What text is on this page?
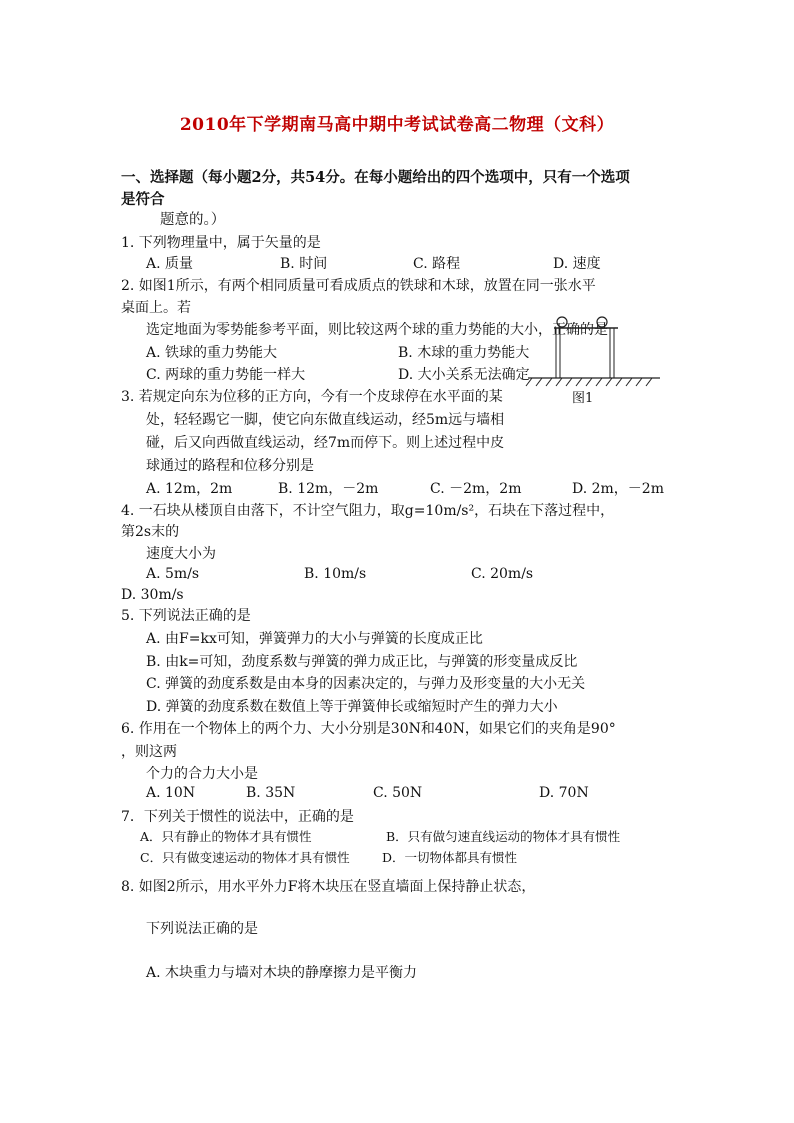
2010年下学期南马高中期中考试试卷高二物理（文科）
一、选择题（每小题2分，共54分。在每小题给出的四个选项中，只有一个选项
是符合
题意的。）
1. 下列物理量中，属于矢量的是
A. 质量	B. 时间	C. 路程	D. 速度
2. 如图1所示，有两个相同质量可看成质点的铁球和木球，放置在同一张水平
桌面上。若
选定地面为零势能参考平面，则比较这两个球的重力势能的大小，正确的是
A. 铁球的重力势能大	B. 木球的重力势能大
C. 两球的重力势能一样大	D. 大小关系无法确定
图1
3. 若规定向东为位移的正方向，今有一个皮球停在水平面的某
处，轻轻踢它一脚，使它向东做直线运动，经5m远与墙相
碰，后又向西做直线运动，经7m而停下。则上述过程中皮
球通过的路程和位移分别是
A. 12m，2m	B. 12m，－2m	C. －2m，2m	D. 2m，－2m
4. 一石块从楼顶自由落下，不计空气阻力，取g=10m/s²，石块在下落过程中，
第2s末的
速度大小为
A. 5m/s	B. 10m/s	C. 20m/s
D. 30m/s
5. 下列说法正确的是
A. 由F=kx可知，弹簧弹力的大小与弹簧的长度成正比
B. 由k=可知，劲度系数与弹簧的弹力成正比，与弹簧的形变量成反比
C. 弹簧的劲度系数是由本身的因素决定的，与弹力及形变量的大小无关
D. 弹簧的劲度系数在数值上等于弹簧伸长或缩短时产生的弹力大小
6. 作用在一个物体上的两个力、大小分别是30N和40N，如果它们的夹角是90°
，则这两
个力的合力大小是
A. 10N	B. 35N	C. 50N	D. 70N
7．下列关于惯性的说法中，正确的是
A．只有静止的物体才具有惯性	B．只有做匀速直线运动的物体才具有惯性
C．只有做变速运动的物体才具有惯性	D．一切物体都具有惯性
8. 如图2所示，用水平外力F将木块压在竖直墙面上保持静止状态，
下列说法正确的是
A. 木块重力与墙对木块的静摩擦力是平衡力
